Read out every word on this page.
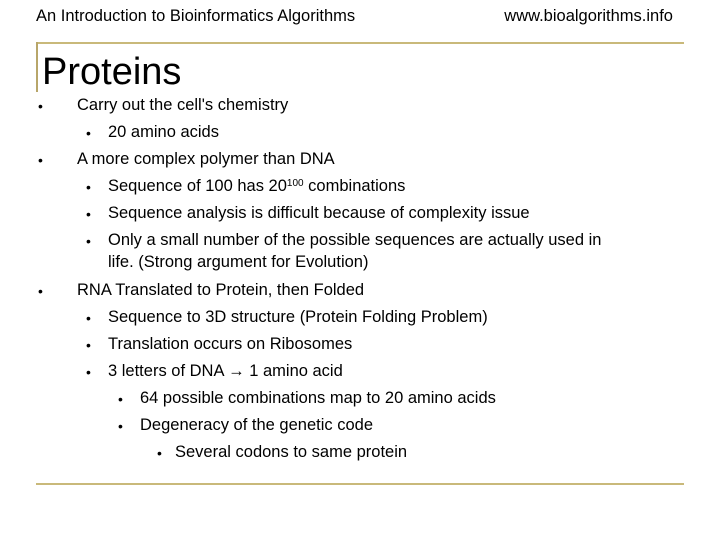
An Introduction to Bioinformatics Algorithms	www.bioalgorithms.info
Proteins
• Carry out the cell's chemistry
• 20 amino acids
• A more complex polymer than DNA
• Sequence of 100 has $20^{100}$ combinations
• Sequence analysis is difficult because of complexity issue
• Only a small number of the possible sequences are actually used in
life. (Strong argument for Evolution)
• RNA Translated to Protein, then Folded
• Sequence to 3D structure (Protein Folding Problem)
• Translation occurs on Ribosomes
• 3 letters of DNA → 1 amino acid
• 64 possible combinations map to 20 amino acids
• Degeneracy of the genetic code
• Several codons to same protein
